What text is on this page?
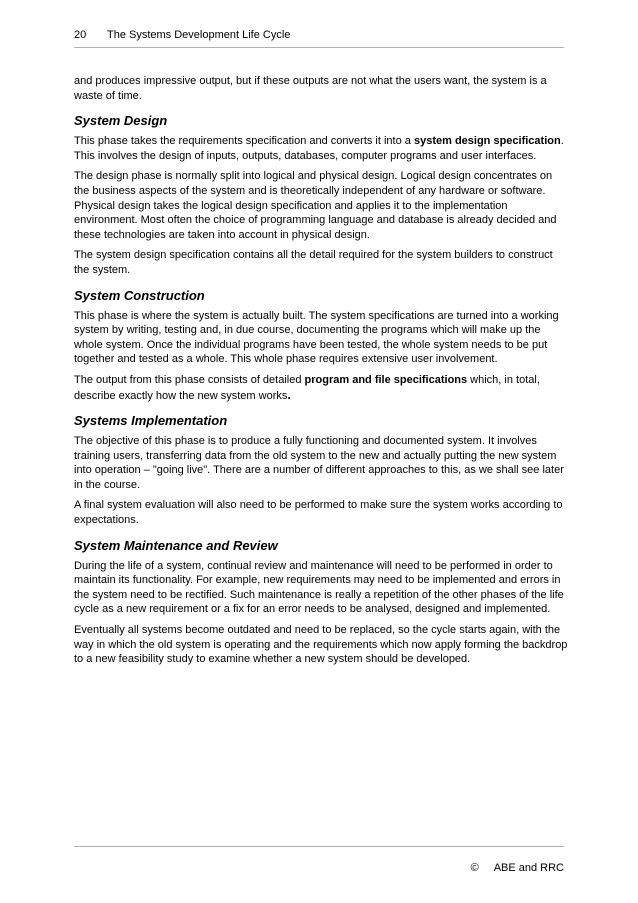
20 The Systems Development Life Cycle

and produces impressive output, but if these outputs are not what the users want, the system is a waste of time.

System Design

This phase takes the requirements specification and converts it into a system design specification. This involves the design of inputs, outputs, databases, computer programs and user interfaces.

The design phase is normally split into logical and physical design. Logical design concentrates on the business aspects of the system and is theoretically independent of any hardware or software. Physical design takes the logical design specification and applies it to the implementation environment. Most often the choice of programming language and database is already decided and these technologies are taken into account in physical design.

The system design specification contains all the detail required for the system builders to construct the system.

System Construction

This phase is where the system is actually built. The system specifications are turned into a working system by writing, testing and, in due course, documenting the programs which will make up the whole system. Once the individual programs have been tested, the whole system needs to be put together and tested as a whole. This whole phase requires extensive user involvement.

The output from this phase consists of detailed program and file specifications which, in total, describe exactly how the new system works.

Systems Implementation

The objective of this phase is to produce a fully functioning and documented system. It involves training users, transferring data from the old system to the new and actually putting the new system into operation – "going live". There are a number of different approaches to this, as we shall see later in the course.

A final system evaluation will also need to be performed to make sure the system works according to expectations.

System Maintenance and Review

During the life of a system, continual review and maintenance will need to be performed in order to maintain its functionality. For example, new requirements may need to be implemented and errors in the system need to be rectified. Such maintenance is really a repetition of the other phases of the life cycle as a new requirement or a fix for an error needs to be analysed, designed and implemented.

Eventually all systems become outdated and need to be replaced, so the cycle starts again, with the way in which the old system is operating and the requirements which now apply forming the backdrop to a new feasibility study to examine whether a new system should be developed.

© ABE and RRC
